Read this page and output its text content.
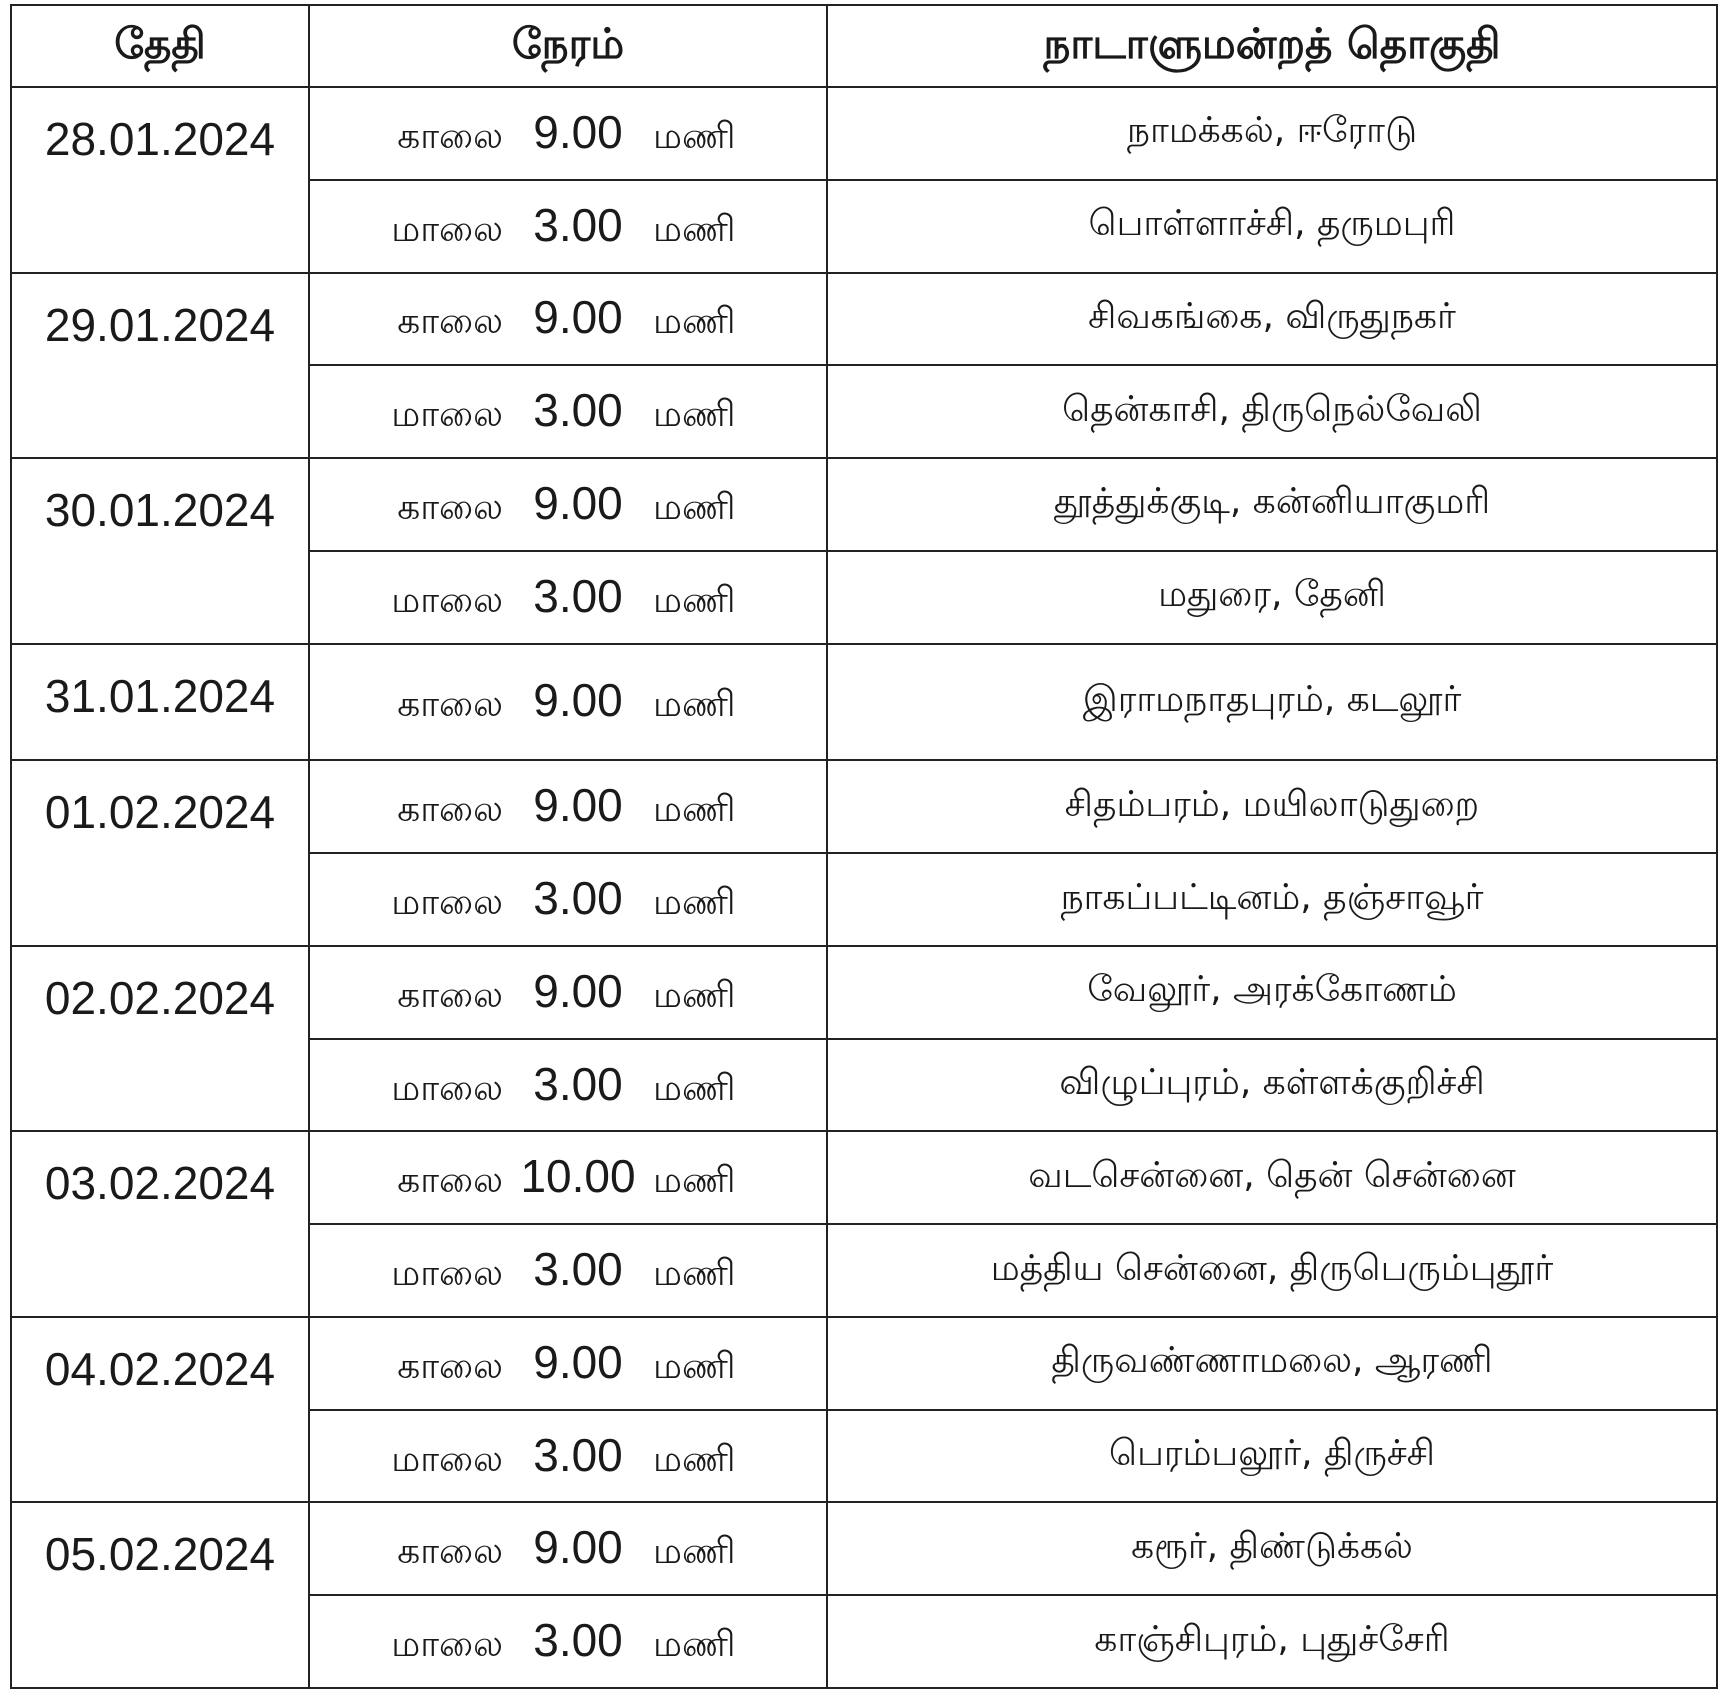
தேதி	நேரம்	நாடாளுமன்றத் தொகுதி
28.01.2024	காலை 9.00 மணி	நாமக்கல், ஈரோடு
	மாலை 3.00 மணி	பொள்ளாச்சி, தருமபுரி
29.01.2024	காலை 9.00 மணி	சிவகங்கை, விருதுநகர்
	மாலை 3.00 மணி	தென்காசி, திருநெல்வேலி
30.01.2024	காலை 9.00 மணி	தூத்துக்குடி, கன்னியாகுமரி
	மாலை 3.00 மணி	மதுரை, தேனி
31.01.2024	காலை 9.00 மணி	இராமநாதபுரம், கடலூர்
01.02.2024	காலை 9.00 மணி	சிதம்பரம், மயிலாடுதுறை
	மாலை 3.00 மணி	நாகப்பட்டினம், தஞ்சாவூர்
02.02.2024	காலை 9.00 மணி	வேலூர், அரக்கோணம்
	மாலை 3.00 மணி	விழுப்புரம், கள்ளக்குறிச்சி
03.02.2024	காலை 10.00 மணி	வடசென்னை, தென் சென்னை
	மாலை 3.00 மணி	மத்திய சென்னை, திருபெரும்புதூர்
04.02.2024	காலை 9.00 மணி	திருவண்ணாமலை, ஆரணி
	மாலை 3.00 மணி	பெரம்பலூர், திருச்சி
05.02.2024	காலை 9.00 மணி	கரூர், திண்டுக்கல்
	மாலை 3.00 மணி	காஞ்சிபுரம், புதுச்சேரி
